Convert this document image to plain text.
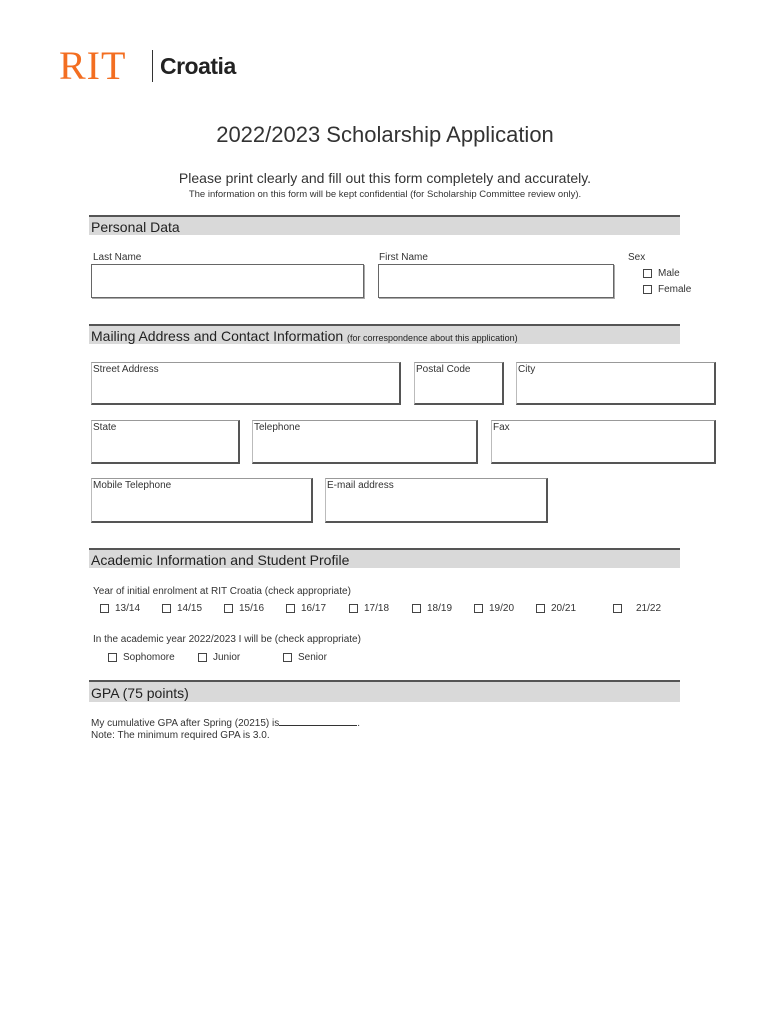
RIT Croatia
2022/2023 Scholarship Application
Please print clearly and fill out this form completely and accurately.
The information on this form will be kept confidential (for Scholarship Committee review only).
Personal Data
Last Name	First Name	Sex
Male
Female
Mailing Address and Contact Information (for correspondence about this application)
Street Address	Postal Code	City
State	Telephone	Fax
Mobile Telephone	E-mail address
Academic Information and Student Profile
Year of initial enrolment at RIT Croatia (check appropriate)
13/14	14/15	15/16	16/17	17/18	18/19	19/20	20/21	21/22
In the academic year 2022/2023 I will be (check appropriate)
Sophomore	Junior	Senior
GPA (75 points)
My cumulative GPA after Spring (20215) is	.
Note: The minimum required GPA is 3.0.
